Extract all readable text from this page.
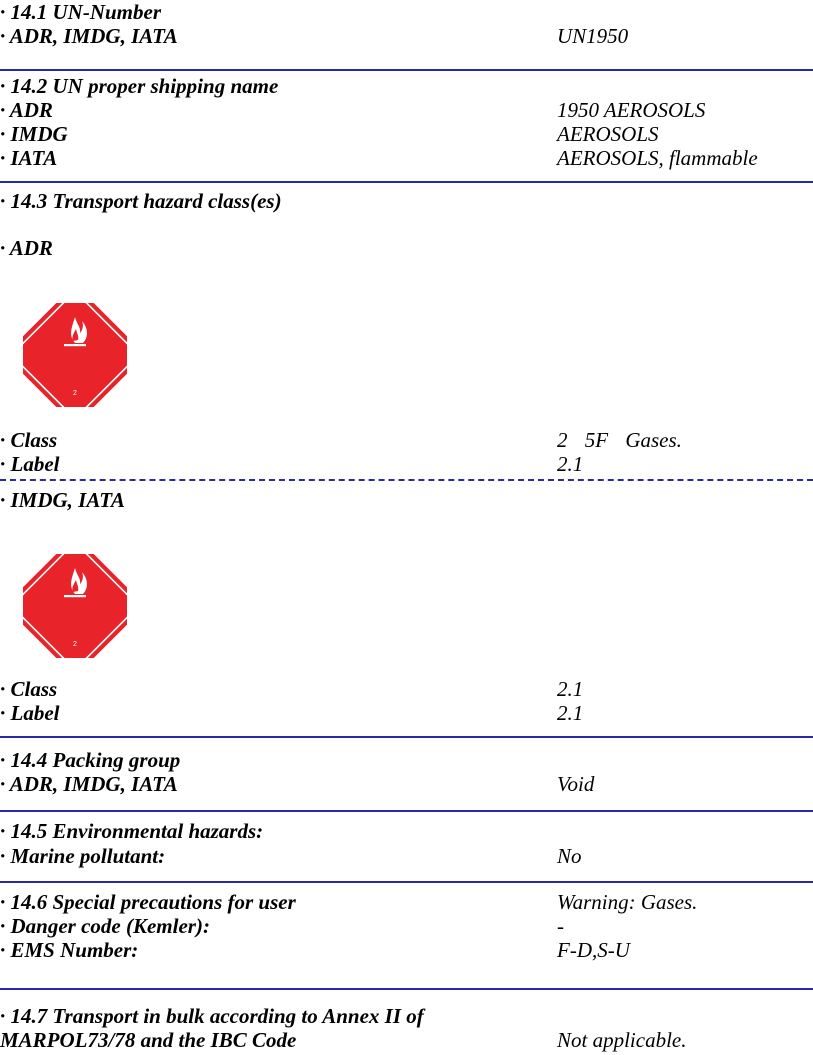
· 14.1 UN-Number
· ADR, IMDG, IATA	UN1950
· 14.2 UN proper shipping name
· ADR	1950 AEROSOLS
· IMDG	AEROSOLS
· IATA	AEROSOLS, flammable
· 14.3 Transport hazard class(es)
· ADR
2
· Class	2 5F Gases.
· Label	2.1
· IMDG, IATA
2
· Class	2.1
· Label	2.1
· 14.4 Packing group
· ADR, IMDG, IATA	Void
· 14.5 Environmental hazards:
· Marine pollutant:	No
· 14.6 Special precautions for user	Warning: Gases.
· Danger code (Kemler):	-
· EMS Number:	F-D,S-U
· 14.7 Transport in bulk according to Annex II of
MARPOL73/78 and the IBC Code	Not applicable.
